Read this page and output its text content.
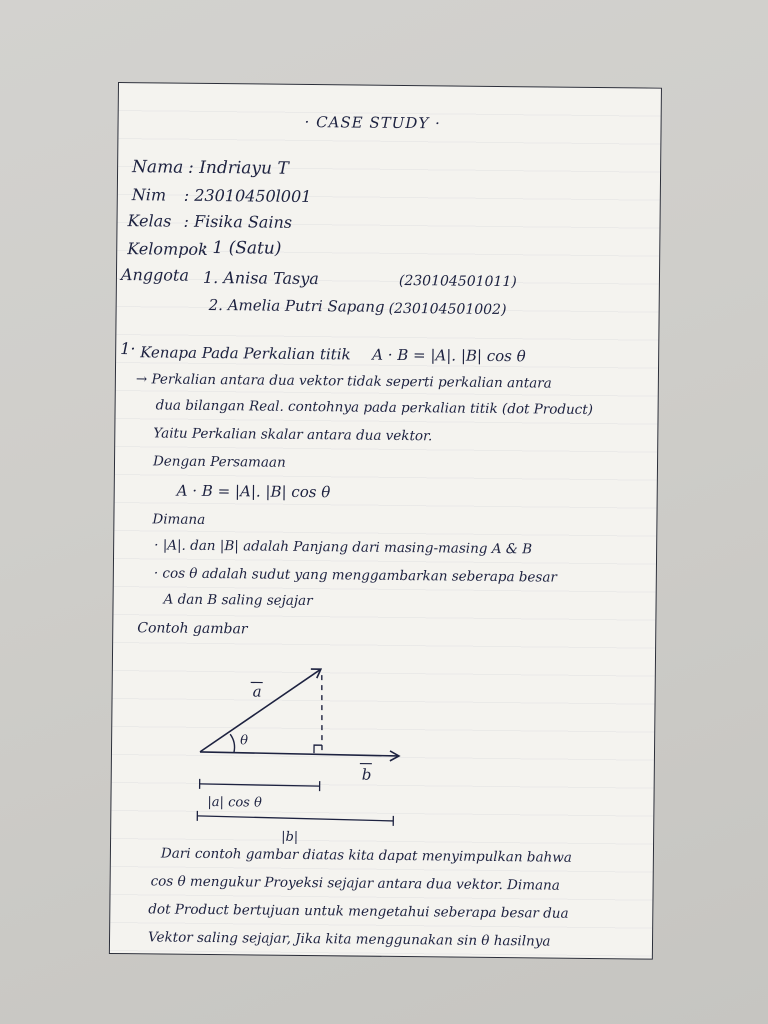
· CASE STUDY ·
Nama : Indriayu T
Nim : 23010450l001
Kelas : Fisika Sains
Kelompok
: 1 (Satu)
Anggota 1. Anisa Tasya	(230104501011)
2. Amelia Putri Sapang (230104501002)
1· Kenapa Pada Perkalian titik A · B = |A|. |B| cos θ
→ Perkalian antara dua vektor tidak seperti perkalian antara
dua bilangan Real. contohnya pada perkalian titik (dot Product)
Yaitu Perkalian skalar antara dua vektor.
Dengan Persamaan
A · B = |A|. |B| cos θ
Dimana
· |A|. dan |B| adalah Panjang dari masing-masing A & B
· cos θ adalah sudut yang menggambarkan seberapa besar
A dan B saling sejajar
Contoh gambar
a
θ
b
|a| cos θ
|b|
Dari contoh gambar diatas kita dapat menyimpulkan bahwa
cos θ mengukur Proyeksi sejajar antara dua vektor. Dimana
dot Product bertujuan untuk mengetahui seberapa besar dua
Vektor saling sejajar, Jika kita menggunakan sin θ hasilnya
